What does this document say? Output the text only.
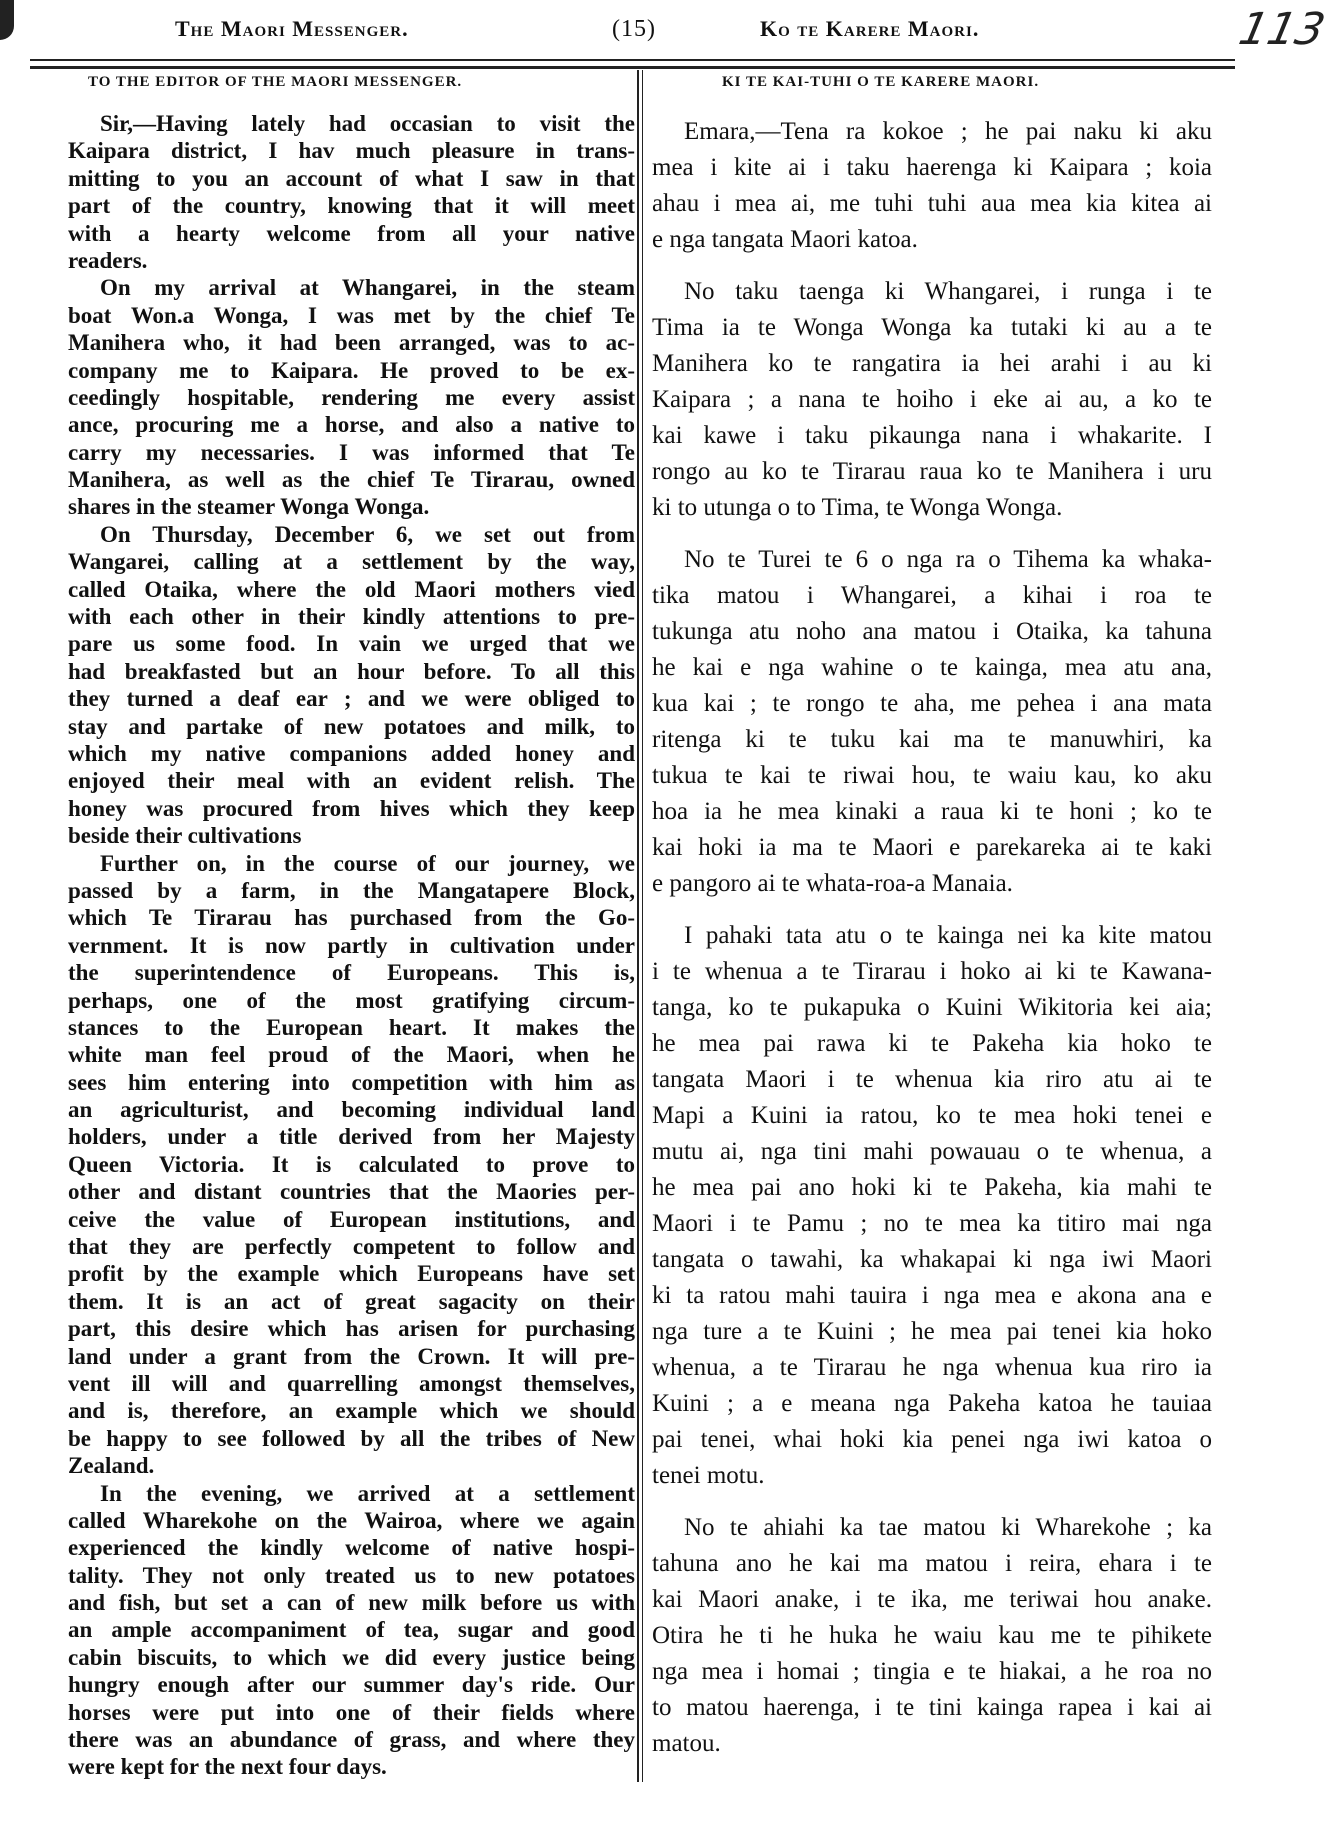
The Maori Messenger.	(15)	Ko te Karere Maori.	113
TO THE EDITOR OF THE MAORI MESSENGER.	KI TE KAI-TUHI O TE KARERE MAORI.
Sir,—Having lately had occasian to visit the
Kaipara district, I hav much pleasure in trans-
mitting to you an account of what I saw in that
part of the country, knowing that it will meet
with a hearty welcome from all your native
readers.
On my arrival at Whangarei, in the steam
boat Won.a Wonga, I was met by the chief Te
Manihera who, it had been arranged, was to ac-
company me to Kaipara. He proved to be ex-
ceedingly hospitable, rendering me every assist
ance, procuring me a horse, and also a native to
carry my necessaries. I was informed that Te
Manihera, as well as the chief Te Tirarau, owned
shares in the steamer Wonga Wonga.
On Thursday, December 6, we set out from
Wangarei, calling at a settlement by the way,
called Otaika, where the old Maori mothers vied
with each other in their kindly attentions to pre-
pare us some food. In vain we urged that we
had breakfasted but an hour before. To all this
they turned a deaf ear ; and we were obliged to
stay and partake of new potatoes and milk, to
which my native companions added honey and
enjoyed their meal with an evident relish. The
honey was procured from hives which they keep
beside their cultivations
Further on, in the course of our journey, we
passed by a farm, in the Mangatapere Block,
which Te Tirarau has purchased from the Go-
vernment. It is now partly in cultivation under
the superintendence of Europeans. This is,
perhaps, one of the most gratifying circum-
stances to the European heart. It makes the
white man feel proud of the Maori, when he
sees him entering into competition with him as
an agriculturist, and becoming individual land
holders, under a title derived from her Majesty
Queen Victoria. It is calculated to prove to
other and distant countries that the Maories per-
ceive the value of European institutions, and
that they are perfectly competent to follow and
profit by the example which Europeans have set
them. It is an act of great sagacity on their
part, this desire which has arisen for purchasing
land under a grant from the Crown. It will pre-
vent ill will and quarrelling amongst themselves,
and is, therefore, an example which we should
be happy to see followed by all the tribes of New
Zealand.
In the evening, we arrived at a settlement
called Wharekohe on the Wairoa, where we again
experienced the kindly welcome of native hospi-
tality. They not only treated us to new potatoes
and fish, but set a can of new milk before us with
an ample accompaniment of tea, sugar and good
cabin biscuits, to which we did every justice being
hungry enough after our summer day's ride. Our
horses were put into one of their fields where
there was an abundance of grass, and where they
were kept for the next four days.
Emara,—Tena ra kokoe ; he pai naku ki aku
mea i kite ai i taku haerenga ki Kaipara ; koia
ahau i mea ai, me tuhi tuhi aua mea kia kitea ai
e nga tangata Maori katoa.
No taku taenga ki Whangarei, i runga i te
Tima ia te Wonga Wonga ka tutaki ki au a te
Manihera ko te rangatira ia hei arahi i au ki
Kaipara ; a nana te hoiho i eke ai au, a ko te
kai kawe i taku pikaunga nana i whakarite. I
rongo au ko te Tirarau raua ko te Manihera i uru
ki to utunga o to Tima, te Wonga Wonga.
No te Turei te 6 o nga ra o Tihema ka whaka-
tika matou i Whangarei, a kihai i roa te
tukunga atu noho ana matou i Otaika, ka tahuna
he kai e nga wahine o te kainga, mea atu ana,
kua kai ; te rongo te aha, me pehea i ana mata
ritenga ki te tuku kai ma te manuwhiri, ka
tukua te kai te riwai hou, te waiu kau, ko aku
hoa ia he mea kinaki a raua ki te honi ; ko te
kai hoki ia ma te Maori e parekareka ai te kaki
e pangoro ai te whata-roa-a Manaia.
I pahaki tata atu o te kainga nei ka kite matou
i te whenua a te Tirarau i hoko ai ki te Kawana-
tanga, ko te pukapuka o Kuini Wikitoria kei aia;
he mea pai rawa ki te Pakeha kia hoko te
tangata Maori i te whenua kia riro atu ai te
Mapi a Kuini ia ratou, ko te mea hoki tenei e
mutu ai, nga tini mahi powauau o te whenua, a
he mea pai ano hoki ki te Pakeha, kia mahi te
Maori i te Pamu ; no te mea ka titiro mai nga
tangata o tawahi, ka whakapai ki nga iwi Maori
ki ta ratou mahi tauira i nga mea e akona ana e
nga ture a te Kuini ; he mea pai tenei kia hoko
whenua, a te Tirarau he nga whenua kua riro ia
Kuini ; a e meana nga Pakeha katoa he tauiaa
pai tenei, whai hoki kia penei nga iwi katoa o
tenei motu.
No te ahiahi ka tae matou ki Wharekohe ; ka
tahuna ano he kai ma matou i reira, ehara i te
kai Maori anake, i te ika, me teriwai hou anake.
Otira he ti he huka he waiu kau me te pihikete
nga mea i homai ; tingia e te hiakai, a he roa no
to matou haerenga, i te tini kainga rapea i kai ai
matou.
